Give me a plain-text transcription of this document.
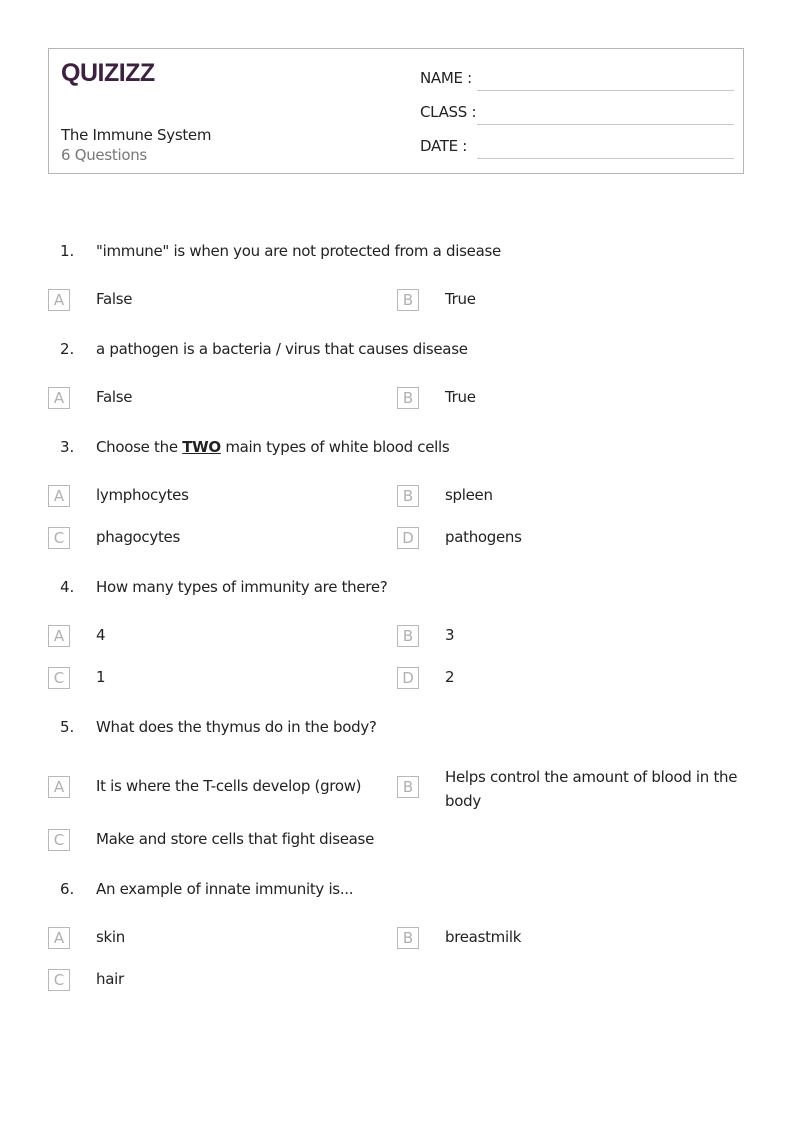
QUIZIZZ
The Immune System
6 Questions
NAME :
CLASS :
DATE :
1. "immune" is when you are not protected from a disease
A	False	B	True
2. a pathogen is a bacteria / virus that causes disease
A	False	B	True
3. Choose the TWO main types of white blood cells
A	lymphocytes	B	spleen
C	phagocytes	D	pathogens
4. How many types of immunity are there?
A	4	B	3
C	1	D	2
5. What does the thymus do in the body?
A	It is where the T-cells develop (grow)	B
Helps control the amount of blood in the body
C	Make and store cells that fight disease
6. An example of innate immunity is...
A	skin	B	breastmilk
C	hair
